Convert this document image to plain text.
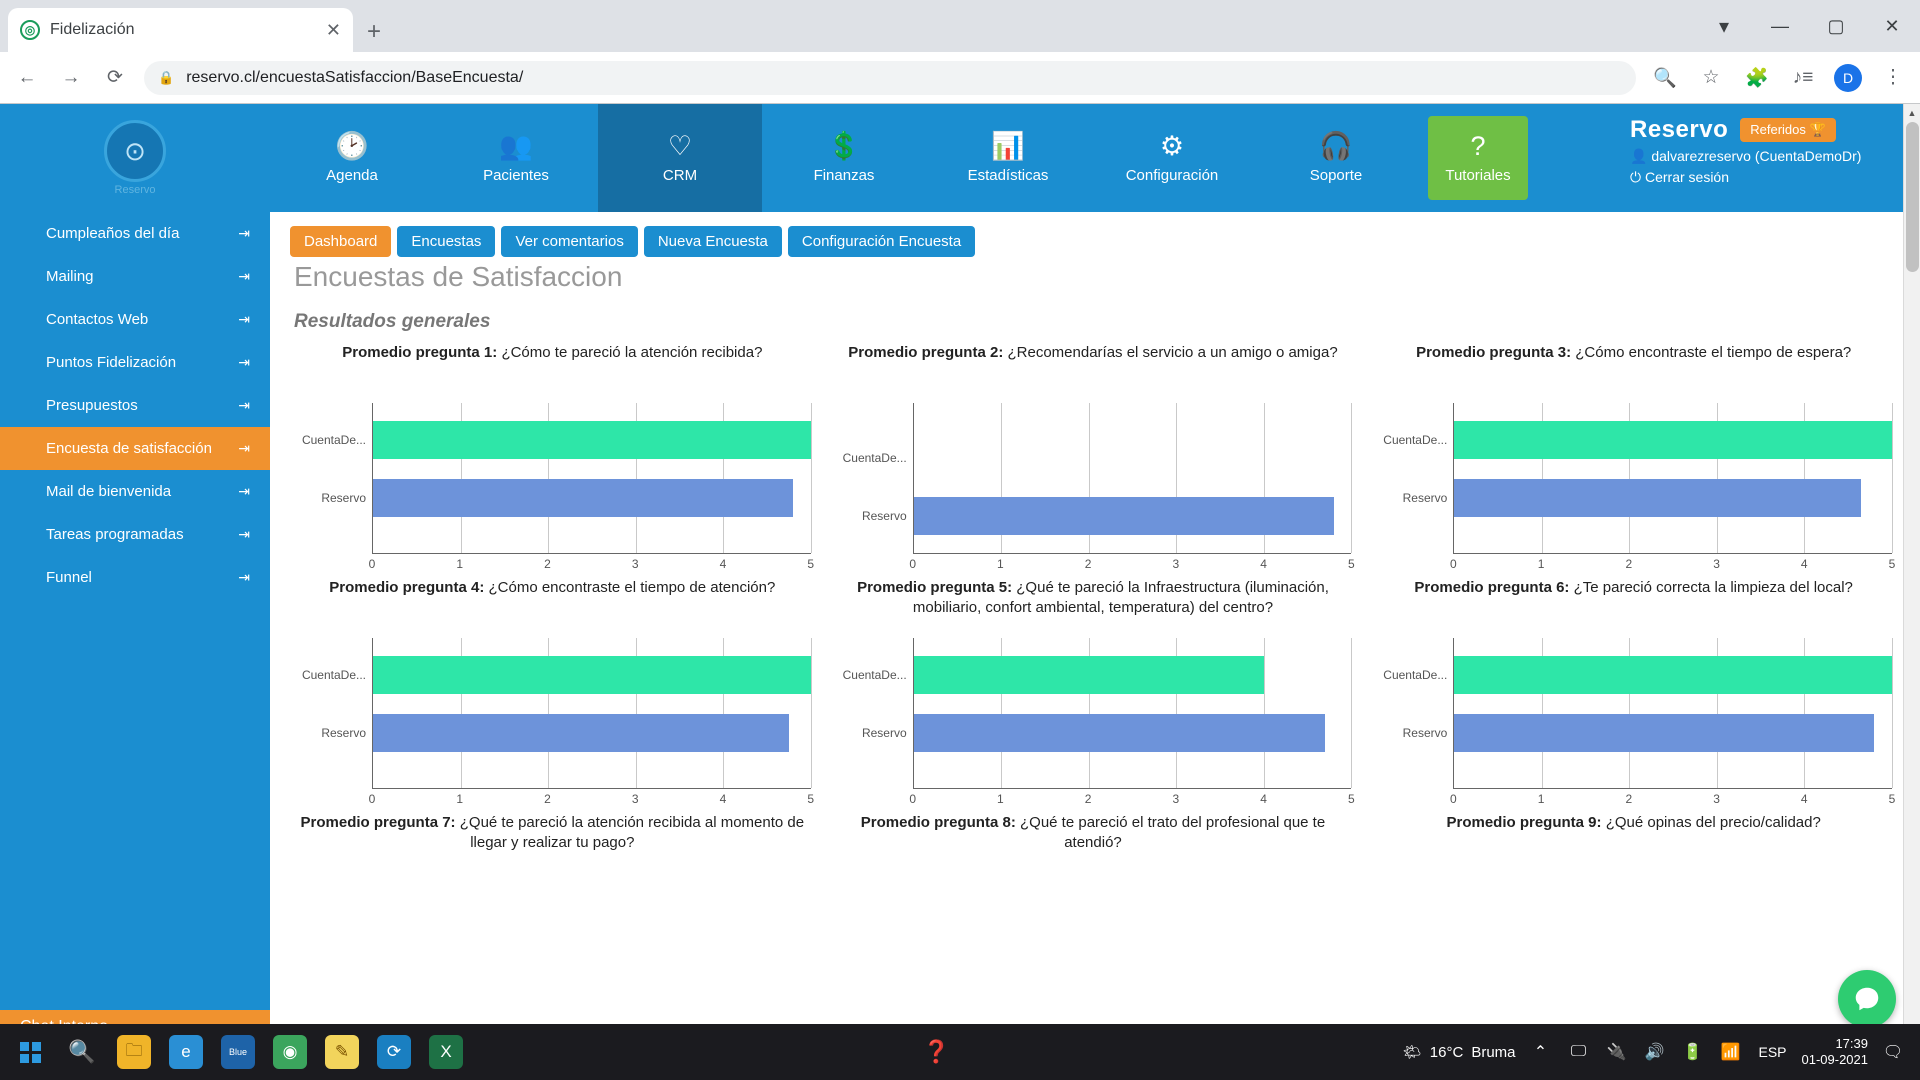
◎ Fidelización	✕ +	▾	—	▢	✕
← →	⟳	🔒 reservo.cl/encuestaSatisfaccion/BaseEncuesta/	🔍	☆	🧩 ♪≡	D	⋮
⊙
Reservo
🕑
Agenda
👥
Pacientes
♡
CRM
💲
Finanzas
📊
Estadísticas
⚙
Configuración
🎧
Soporte
?
Tutoriales
Reservo	Referidos 🏆
👤 dalvarezreservo (CuentaDemoDr)
⏻ Cerrar sesión
Cumpleaños del día	⇥
Mailing	⇥
Contactos Web	⇥
Puntos Fidelización	⇥
Presupuestos	⇥
Encuesta de satisfacción ⇥
Mail de bienvenida	⇥
Tareas programadas	⇥
Funnel	⇥
Dashboard	Encuestas	Ver comentarios	Nueva Encuesta	Configuración Encuesta
Encuestas de Satisfaccion
Resultados generales
Promedio pregunta 1: ¿Cómo te pareció la atención recibida?
CuentaDe...
Reservo
0	1	2	3	4	5
Promedio pregunta 2: ¿Recomendarías el servicio a un amigo o amiga?
CuentaDe...
Reservo
0	1	2	3	4	5
Promedio pregunta 3: ¿Cómo encontraste el tiempo de espera?
CuentaDe...
Reservo
0	1	2	3	4	5
Promedio pregunta 4: ¿Cómo encontraste el tiempo de atención?
CuentaDe...
Reservo
0	1	2	3	4	5
Promedio pregunta 5: ¿Qué te pareció la Infraestructura (iluminación, mobiliario, confort ambiental, temperatura) del centro?
CuentaDe...
Reservo
0	1	2	3	4	5
Promedio pregunta 6: ¿Te pareció correcta la limpieza del local?
CuentaDe...
Reservo
0	1	2	3	4	5
Promedio pregunta 7: ¿Qué te pareció la atención recibida al momento de llegar y realizar tu pago?
Promedio pregunta 8: ¿Qué te pareció el trato del profesional que te atendió?
Promedio pregunta 9: ¿Qué opinas del precio/calidad?
▲
🔍	🗀	e	Blue	◉	✎	⟳	X	❓	🌤 16°C Bruma	⌃	🖵	🔌 🔊 🔋 📶 ESP
17:39
01-09-2021 🗨
